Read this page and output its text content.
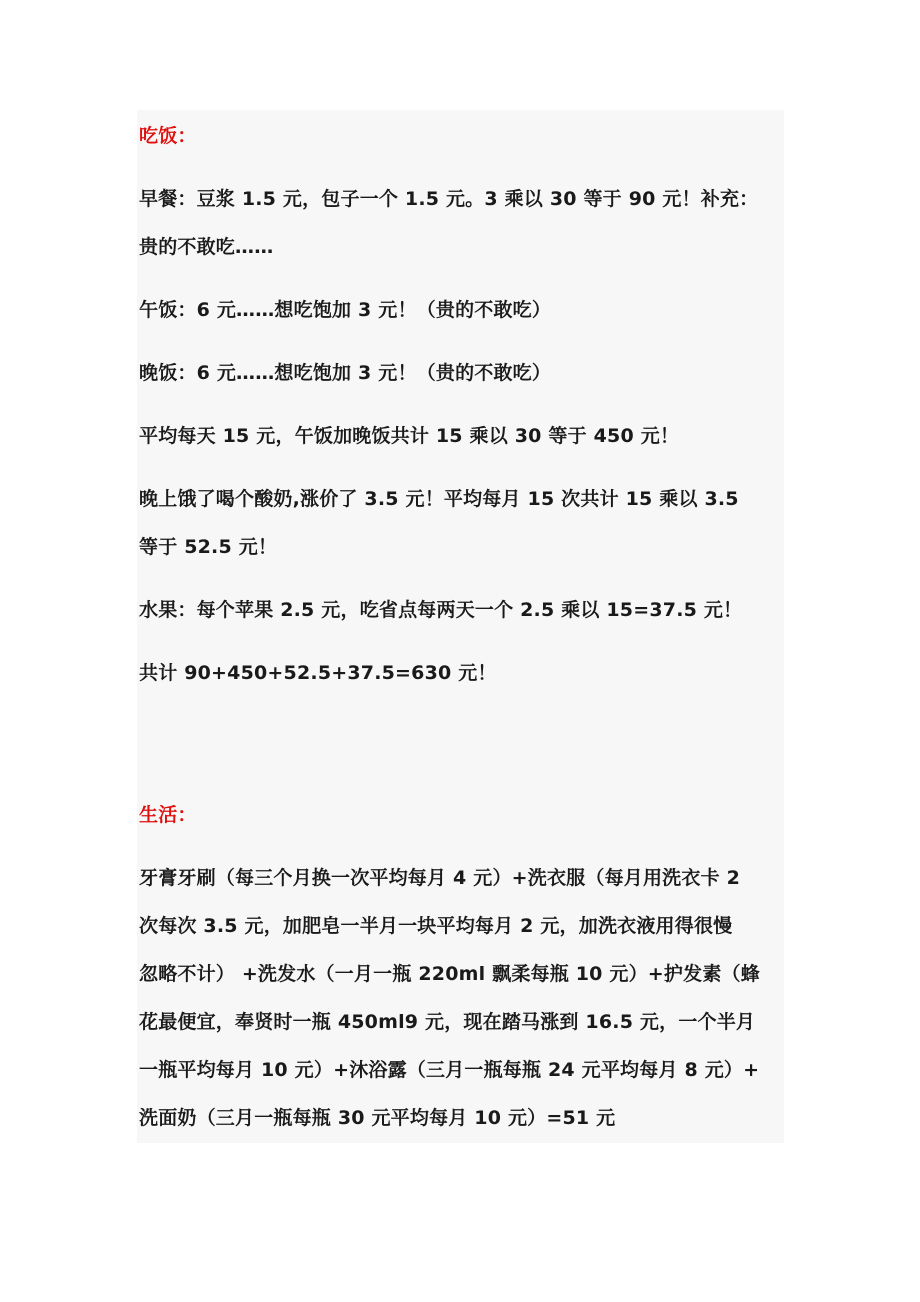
吃饭：
早餐：豆浆 1.5 元，包子一个 1.5 元。3 乘以 30 等于 90 元！补充：
贵的不敢吃……
午饭：6 元……想吃饱加 3 元！（贵的不敢吃）
晚饭：6 元……想吃饱加 3 元！（贵的不敢吃）
平均每天 15 元，午饭加晚饭共计 15 乘以 30 等于 450 元！
晚上饿了喝个酸奶,涨价了 3.5 元！平均每月 15 次共计 15 乘以 3.5
等于 52.5 元！
水果：每个苹果 2.5 元，吃省点每两天一个 2.5 乘以 15=37.5 元！
共计 90+450+52.5+37.5=630 元！
生活：
牙膏牙刷（每三个月换一次平均每月 4 元）+洗衣服（每月用洗衣卡 2
次每次 3.5 元，加肥皂一半月一块平均每月 2 元，加洗衣液用得很慢
忽略不计） +洗发水（一月一瓶 220ml 飘柔每瓶 10 元）+护发素（蜂
花最便宜，奉贤时一瓶 450ml9 元，现在踏马涨到 16.5 元，一个半月
一瓶平均每月 10 元）+沐浴露（三月一瓶每瓶 24 元平均每月 8 元）+
洗面奶（三月一瓶每瓶 30 元平均每月 10 元）=51 元
